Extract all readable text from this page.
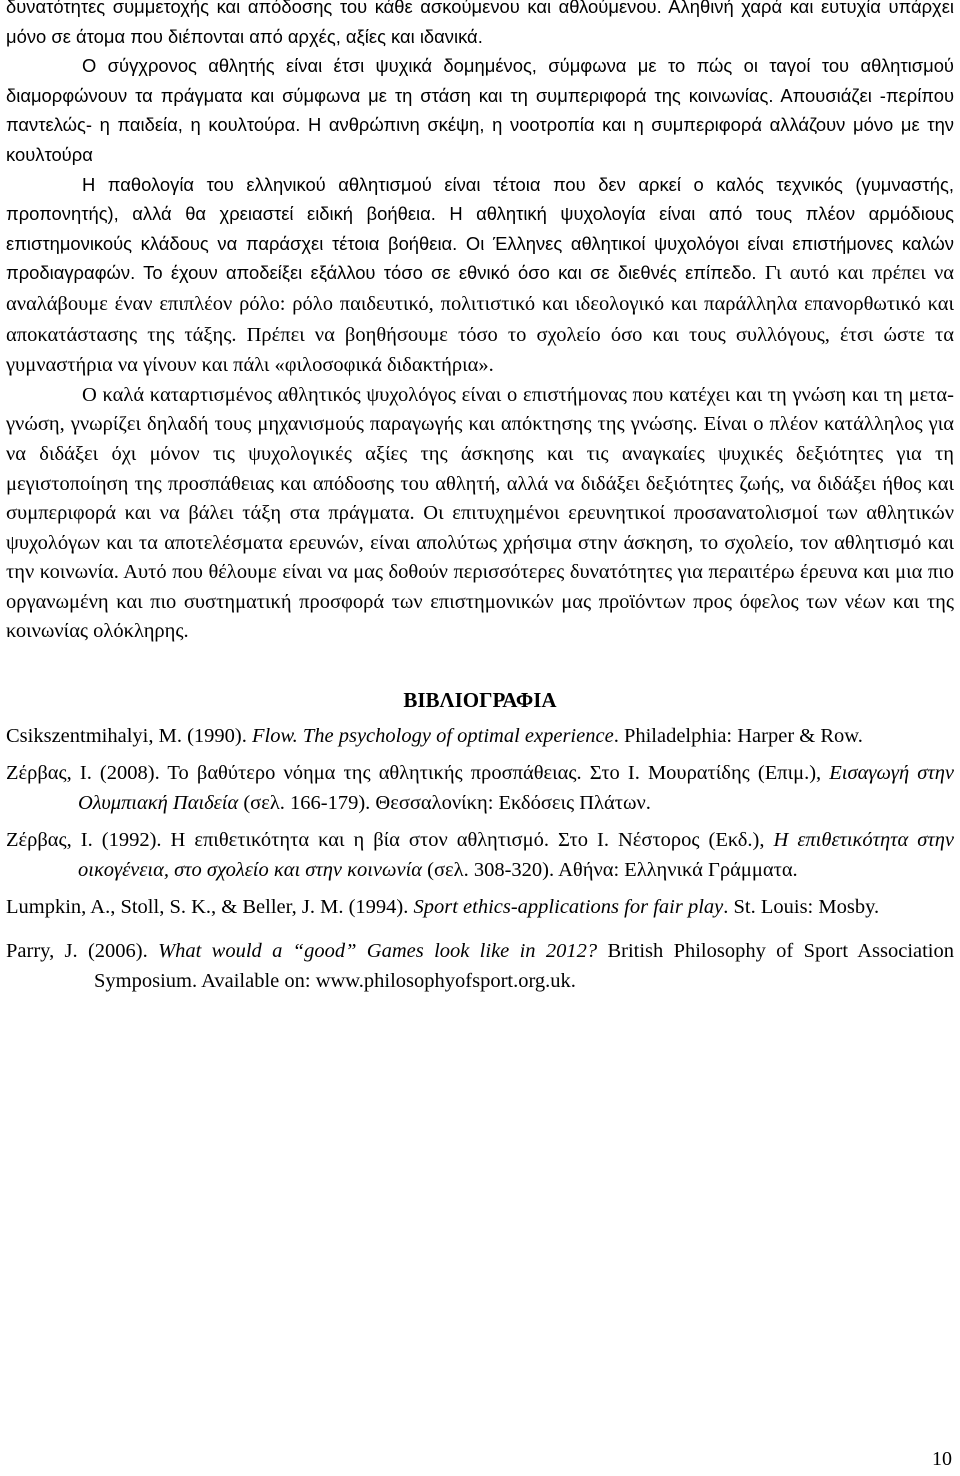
δυνατότητες συμμετοχής και απόδοσης του κάθε ασκούμενου και αθλούμενου. Αληθινή χαρά και ευτυχία υπάρχει μόνο σε άτομα που διέπονται από αρχές, αξίες και ιδανικά.

Ο σύγχρονος αθλητής είναι έτσι ψυχικά δομημένος, σύμφωνα με το πώς οι ταγοί του αθλητισμού διαμορφώνουν τα πράγματα και σύμφωνα με τη στάση και τη συμπεριφορά της κοινωνίας. Απουσιάζει -περίπου παντελώς- η παιδεία, η κουλτούρα. Η ανθρώπινη σκέψη, η νοοτροπία και η συμπεριφορά αλλάζουν μόνο με την κουλτούρα

Η παθολογία του ελληνικού αθλητισμού είναι τέτοια που δεν αρκεί ο καλός τεχνικός (γυμναστής, προπονητής), αλλά θα χρειαστεί ειδική βοήθεια. Η αθλητική ψυχολογία είναι από τους πλέον αρμόδιους επιστημονικούς κλάδους να παράσχει τέτοια βοήθεια. Οι Έλληνες αθλητικοί ψυχολόγοι είναι επιστήμονες καλών προδιαγραφών. Το έχουν αποδείξει εξάλλου τόσο σε εθνικό όσο και σε διεθνές επίπεδο. Γι αυτό και πρέπει να αναλάβουμε έναν επιπλέον ρόλο: ρόλο παιδευτικό, πολιτιστικό και ιδεολογικό και παράλληλα επανορθωτικό και αποκατάστασης της τάξης. Πρέπει να βοηθήσουμε τόσο το σχολείο όσο και τους συλλόγους, έτσι ώστε τα γυμναστήρια να γίνουν και πάλι «φιλοσοφικά διδακτήρια».

Ο καλά καταρτισμένος αθλητικός ψυχολόγος είναι ο επιστήμονας που κατέχει και τη γνώση και τη μετα-γνώση, γνωρίζει δηλαδή τους μηχανισμούς παραγωγής και απόκτησης της γνώσης. Είναι ο πλέον κατάλληλος για να διδάξει όχι μόνον τις ψυχολογικές αξίες της άσκησης και τις αναγκαίες ψυχικές δεξιότητες για τη μεγιστοποίηση της προσπάθειας και απόδοσης του αθλητή, αλλά να διδάξει δεξιότητες ζωής, να διδάξει ήθος και συμπεριφορά και να βάλει τάξη στα πράγματα. Οι επιτυχημένοι ερευνητικοί προσανατολισμοί των αθλητικών ψυχολόγων και τα αποτελέσματα ερευνών, είναι απολύτως χρήσιμα στην άσκηση, το σχολείο, τον αθλητισμό και την κοινωνία. Αυτό που θέλουμε είναι να μας δοθούν περισσότερες δυνατότητες για περαιτέρω έρευνα και μια πιο οργανωμένη και πιο συστηματική προσφορά των επιστημονικών μας προϊόντων προς όφελος των νέων και της κοινωνίας ολόκληρης.

ΒΙΒΛΙΟΓΡΑΦΙΑ

Csikszentmihalyi, M. (1990). Flow. The psychology of optimal experience. Philadelphia: Harper & Row.

Ζέρβας, Ι. (2008). Το βαθύτερο νόημα της αθλητικής προσπάθειας. Στο Ι. Μουρατίδης (Επιμ.), Εισαγωγή στην Ολυμπιακή Παιδεία (σελ. 166-179). Θεσσαλονίκη: Εκδόσεις Πλάτων.

Ζέρβας, Ι. (1992). Η επιθετικότητα και η βία στον αθλητισμό. Στο Ι. Νέστορος (Εκδ.), Η επιθετικότητα στην οικογένεια, στο σχολείο και στην κοινωνία (σελ. 308-320). Αθήνα: Ελληνικά Γράμματα.

Lumpkin, A., Stoll, S. K., & Beller, J. M. (1994). Sport ethics-applications for fair play. St. Louis: Mosby.

Parry, J. (2006). What would a “good” Games look like in 2012? British Philosophy of Sport Association Symposium. Available on: www.philosophyofsport.org.uk.

10
